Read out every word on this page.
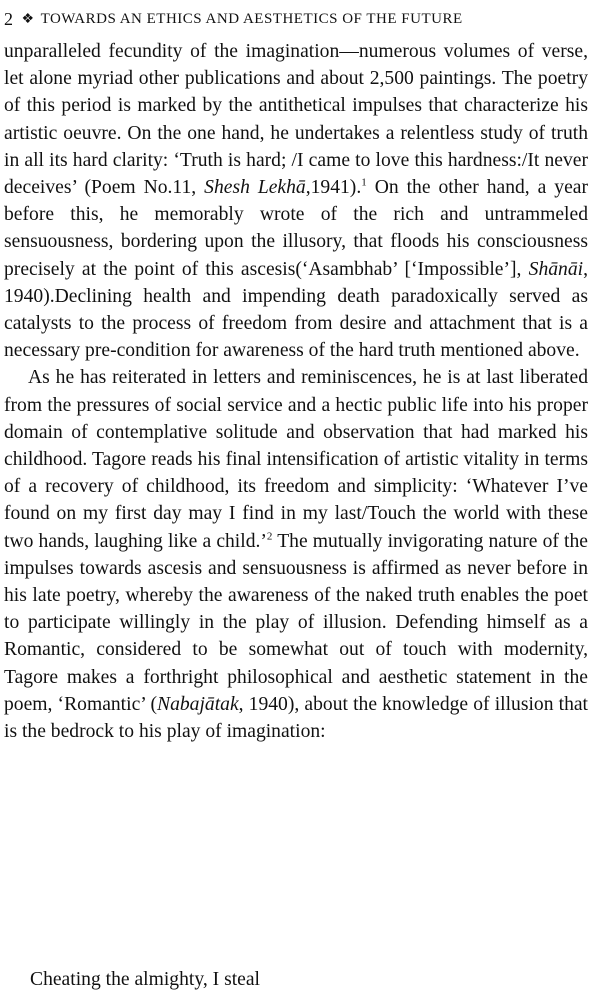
2 ❖ TOWARDS AN ETHICS AND AESTHETICS OF THE FUTURE

unparalleled fecundity of the imagination—numerous volumes of verse, let alone myriad other publications and about 2,500 paintings. The poetry of this period is marked by the antithetical impulses that characterize his artistic oeuvre. On the one hand, he undertakes a relentless study of truth in all its hard clarity: ‘Truth is hard; /I came to love this hardness:/It never deceives’ (Poem No.11, Shesh Lekhā,1941).$^1$ On the other hand, a year before this, he memorably wrote of the rich and untrammeled sensuousness, bordering upon the illusory, that floods his consciousness precisely at the point of this ascesis(‘Asambhab’ [‘Impossible’], Shānāi, 1940).Declining health and impending death paradoxically served as catalysts to the process of freedom from desire and attachment that is a necessary pre-condition for awareness of the hard truth mentioned above.

As he has reiterated in letters and reminiscences, he is at last liberated from the pressures of social service and a hectic public life into his proper domain of contemplative solitude and observation that had marked his childhood. Tagore reads his final intensification of artistic vitality in terms of a recovery of childhood, its freedom and simplicity: ‘Whatever I’ve found on my first day may I find in my last/Touch the world with these two hands, laughing like a child.’$^2$ The mutually invigorating nature of the impulses towards ascesis and sensuousness is affirmed as never before in his late poetry, whereby the awareness of the naked truth enables the poet to participate willingly in the play of illusion. Defending himself as a Romantic, considered to be somewhat out of touch with modernity, Tagore makes a forthright philosophical and aesthetic statement in the poem, ‘Romantic’ (Nabajātak, 1940), about the knowledge of illusion that is the bedrock to his play of imagination:

Cheating the almighty, I steal
